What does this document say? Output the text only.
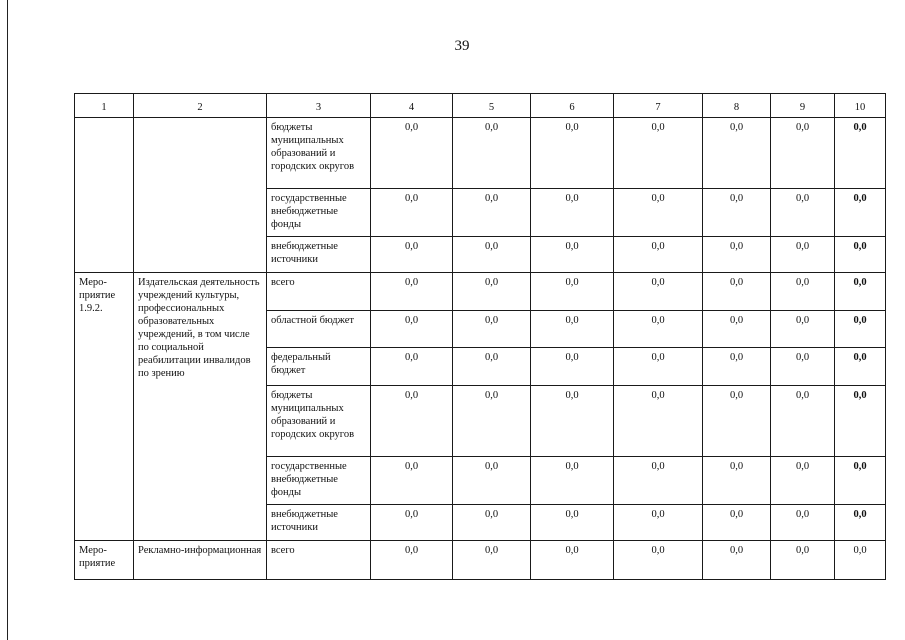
39
1	2	3	4	5	6	7	8	9	10
		бюджеты муниципальных образований и городских округов	0,0	0,0	0,0	0,0	0,0	0,0	0,0
		государственные внебюджетные фонды	0,0	0,0	0,0	0,0	0,0	0,0	0,0
		внебюджетные источники	0,0	0,0	0,0	0,0	0,0	0,0	0,0
Меро-приятие 1.9.2.	Издательская деятельность учреждений культуры, профессиональных образовательных учреждений, в том числе по социальной реабилитации инвалидов по зрению	всего	0,0	0,0	0,0	0,0	0,0	0,0	0,0
		областной бюджет	0,0	0,0	0,0	0,0	0,0	0,0	0,0
		федеральный бюджет	0,0	0,0	0,0	0,0	0,0	0,0	0,0
		бюджеты муниципальных образований и городских округов	0,0	0,0	0,0	0,0	0,0	0,0	0,0
		государственные внебюджетные фонды	0,0	0,0	0,0	0,0	0,0	0,0	0,0
		внебюджетные источники	0,0	0,0	0,0	0,0	0,0	0,0	0,0
Меро-приятие	Рекламно-информационная	всего	0,0	0,0	0,0	0,0	0,0	0,0	0,0
